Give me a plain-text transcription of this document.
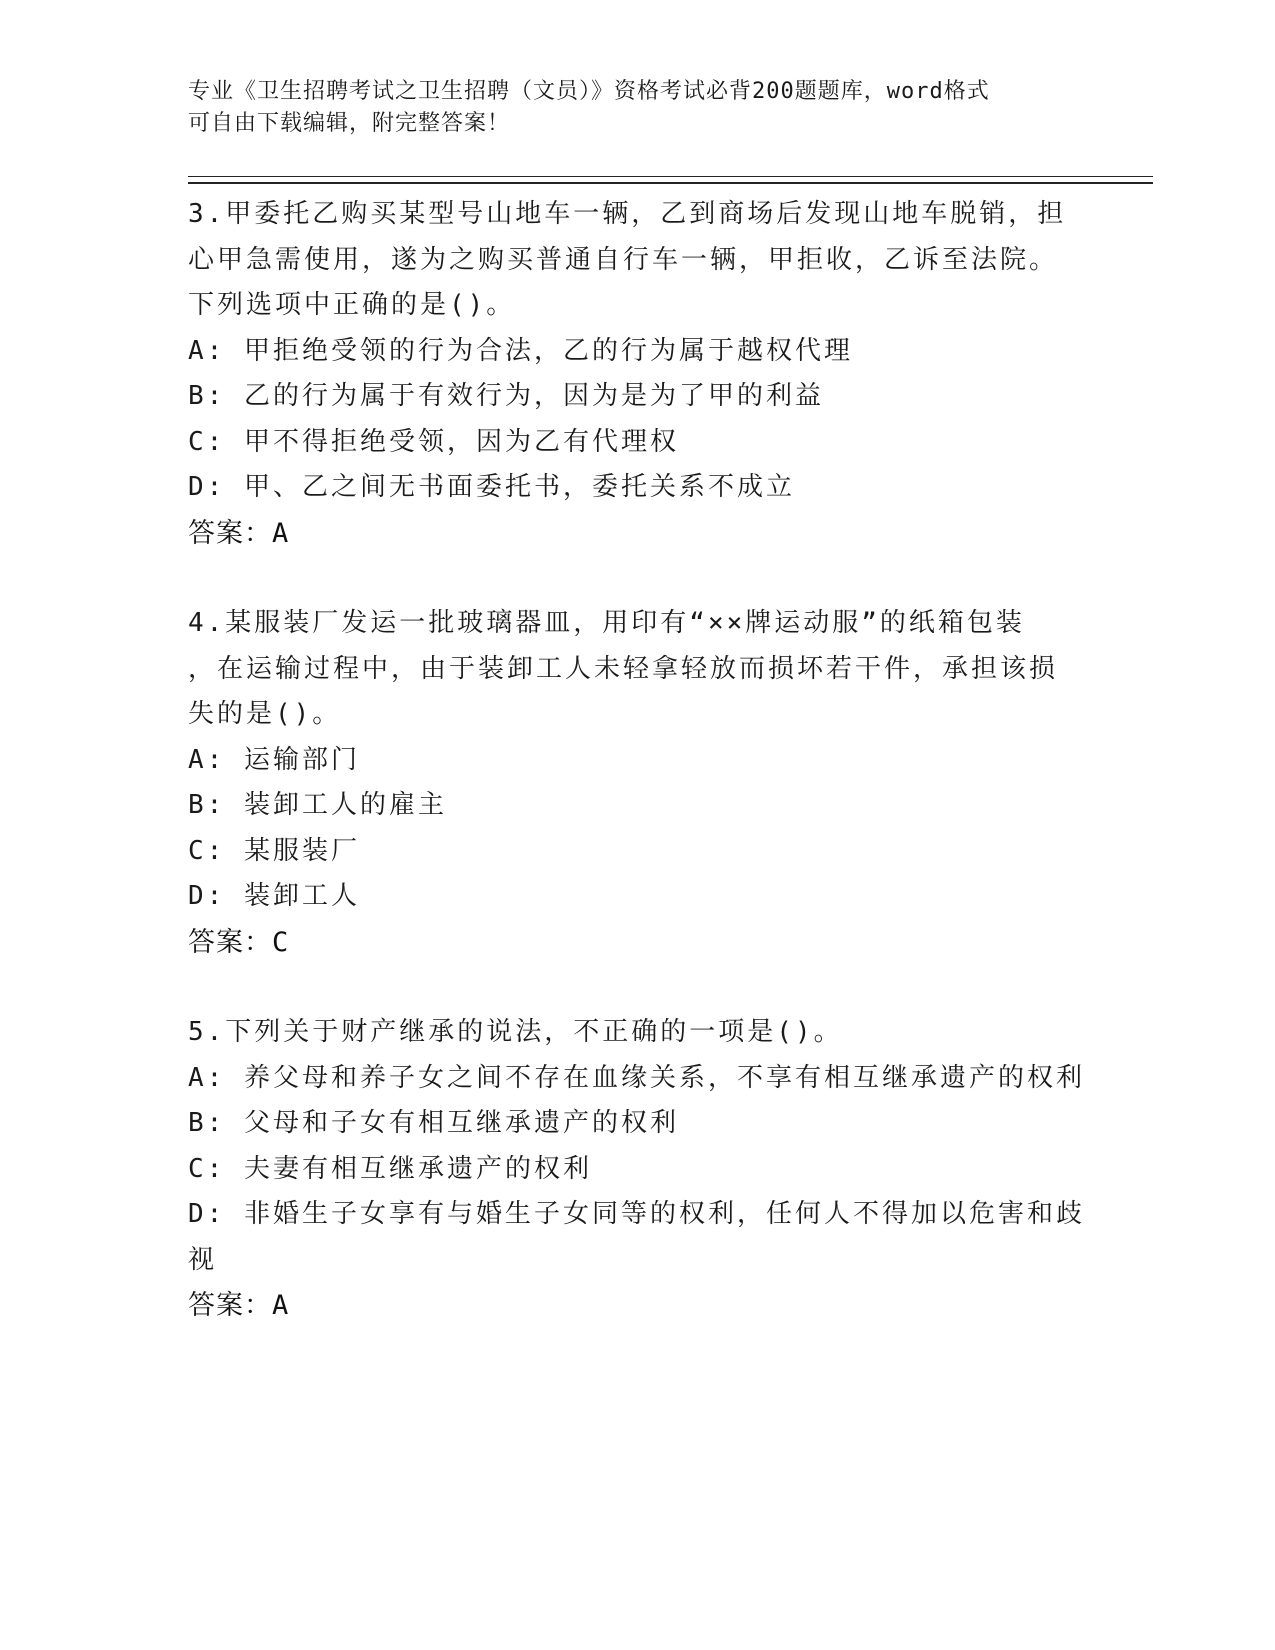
专业《卫生招聘考试之卫生招聘（文员）》资格考试必背200题题库，word格式
可自由下载编辑，附完整答案！

3.甲委托乙购买某型号山地车一辆，乙到商场后发现山地车脱销，担

心甲急需使用，遂为之购买普通自行车一辆，甲拒收，乙诉至法院。

下列选项中正确的是()。

A: 甲拒绝受领的行为合法，乙的行为属于越权代理

B: 乙的行为属于有效行为，因为是为了甲的利益

C: 甲不得拒绝受领，因为乙有代理权

D: 甲、乙之间无书面委托书，委托关系不成立

答案：A

4.某服装厂发运一批玻璃器皿，用印有“××牌运动服”的纸箱包装

，在运输过程中，由于装卸工人未轻拿轻放而损坏若干件，承担该损

失的是()。

A: 运输部门

B: 装卸工人的雇主

C: 某服装厂

D: 装卸工人

答案：C

5.下列关于财产继承的说法，不正确的一项是()。

A: 养父母和养子女之间不存在血缘关系，不享有相互继承遗产的权利

B: 父母和子女有相互继承遗产的权利

C: 夫妻有相互继承遗产的权利

D: 非婚生子女享有与婚生子女同等的权利，任何人不得加以危害和歧

视

答案：A
